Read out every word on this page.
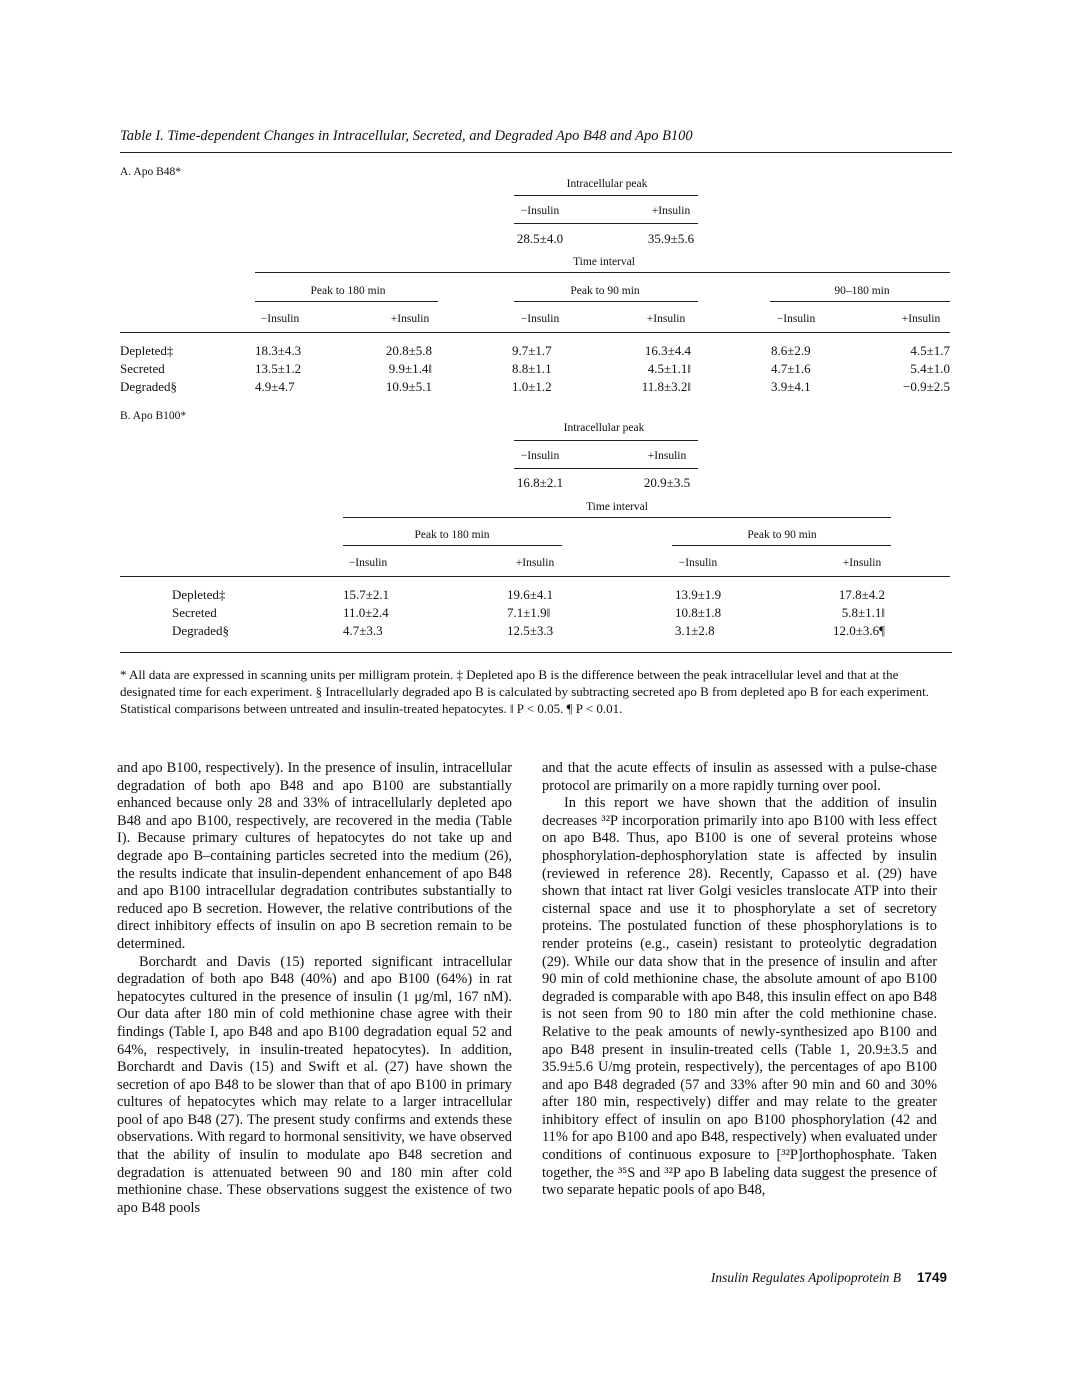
Table I. Time-dependent Changes in Intracellular, Secreted, and Degraded Apo B48 and Apo B100
A. Apo B48*
Intracellular peak
−Insulin	+Insulin
28.5±4.0	35.9±5.6
Time interval
Peak to 180 min	Peak to 90 min	90–180 min
−Insulin	+Insulin	−Insulin	+Insulin	−Insulin	+Insulin
Depleted‡	18.3±4.3	20.8±5.8	9.7±1.7	16.3±4.4	8.6±2.9	4.5±1.7
Secreted	13.5±1.2	9.9±1.4‖	8.8±1.1	4.5±1.1‖	4.7±1.6	5.4±1.0
Degraded§	4.9±4.7	10.9±5.1	1.0±1.2	11.8±3.2‖	3.9±4.1	−0.9±2.5
B. Apo B100*
Intracellular peak
−Insulin	+Insulin
16.8±2.1	20.9±3.5
Time interval
Peak to 180 min	Peak to 90 min
−Insulin	+Insulin	−Insulin	+Insulin
Depleted‡	15.7±2.1	19.6±4.1	13.9±1.9	17.8±4.2
Secreted	11.0±2.4	7.1±1.9‖	10.8±1.8	5.8±1.1‖
Degraded§	4.7±3.3	12.5±3.3	3.1±2.8	12.0±3.6¶
* All data are expressed in scanning units per milligram protein. ‡ Depleted apo B is the difference between the peak intracellular level and that at the designated time for each experiment. § Intracellularly degraded apo B is calculated by subtracting secreted apo B from depleted apo B for each experiment. Statistical comparisons between untreated and insulin-treated hepatocytes. ‖ P < 0.05. ¶ P < 0.01.

and apo B100, respectively). In the presence of insulin, intracellular degradation of both apo B48 and apo B100 are substantially enhanced because only 28 and 33% of intracellularly depleted apo B48 and apo B100, respectively, are recovered in the media (Table I). Because primary cultures of hepatocytes do not take up and degrade apo B–containing particles secreted into the medium (26), the results indicate that insulin-dependent enhancement of apo B48 and apo B100 intracellular degradation contributes substantially to reduced apo B secretion. However, the relative contributions of the direct inhibitory effects of insulin on apo B secretion remain to be determined.

Borchardt and Davis (15) reported significant intracellular degradation of both apo B48 (40%) and apo B100 (64%) in rat hepatocytes cultured in the presence of insulin (1 μg/ml, 167 nM). Our data after 180 min of cold methionine chase agree with their findings (Table I, apo B48 and apo B100 degradation equal 52 and 64%, respectively, in insulin-treated hepatocytes). In addition, Borchardt and Davis (15) and Swift et al. (27) have shown the secretion of apo B48 to be slower than that of apo B100 in primary cultures of hepatocytes which may relate to a larger intracellular pool of apo B48 (27). The present study confirms and extends these observations. With regard to hormonal sensitivity, we have observed that the ability of insulin to modulate apo B48 secretion and degradation is attenuated between 90 and 180 min after cold methionine chase. These observations suggest the existence of two apo B48 pools

and that the acute effects of insulin as assessed with a pulse-chase protocol are primarily on a more rapidly turning over pool.

In this report we have shown that the addition of insulin decreases ³²P incorporation primarily into apo B100 with less effect on apo B48. Thus, apo B100 is one of several proteins whose phosphorylation-dephosphorylation state is affected by insulin (reviewed in reference 28). Recently, Capasso et al. (29) have shown that intact rat liver Golgi vesicles translocate ATP into their cisternal space and use it to phosphorylate a set of secretory proteins. The postulated function of these phosphorylations is to render proteins (e.g., casein) resistant to proteolytic degradation (29). While our data show that in the presence of insulin and after 90 min of cold methionine chase, the absolute amount of apo B100 degraded is comparable with apo B48, this insulin effect on apo B48 is not seen from 90 to 180 min after the cold methionine chase. Relative to the peak amounts of newly-synthesized apo B100 and apo B48 present in insulin-treated cells (Table 1, 20.9±3.5 and 35.9±5.6 U/mg protein, respectively), the percentages of apo B100 and apo B48 degraded (57 and 33% after 90 min and 60 and 30% after 180 min, respectively) differ and may relate to the greater inhibitory effect of insulin on apo B100 phosphorylation (42 and 11% for apo B100 and apo B48, respectively) when evaluated under conditions of continuous exposure to [³²P]orthophosphate. Taken together, the ³⁵S and ³²P apo B labeling data suggest the presence of two separate hepatic pools of apo B48,

Insulin Regulates Apolipoprotein B 1749
